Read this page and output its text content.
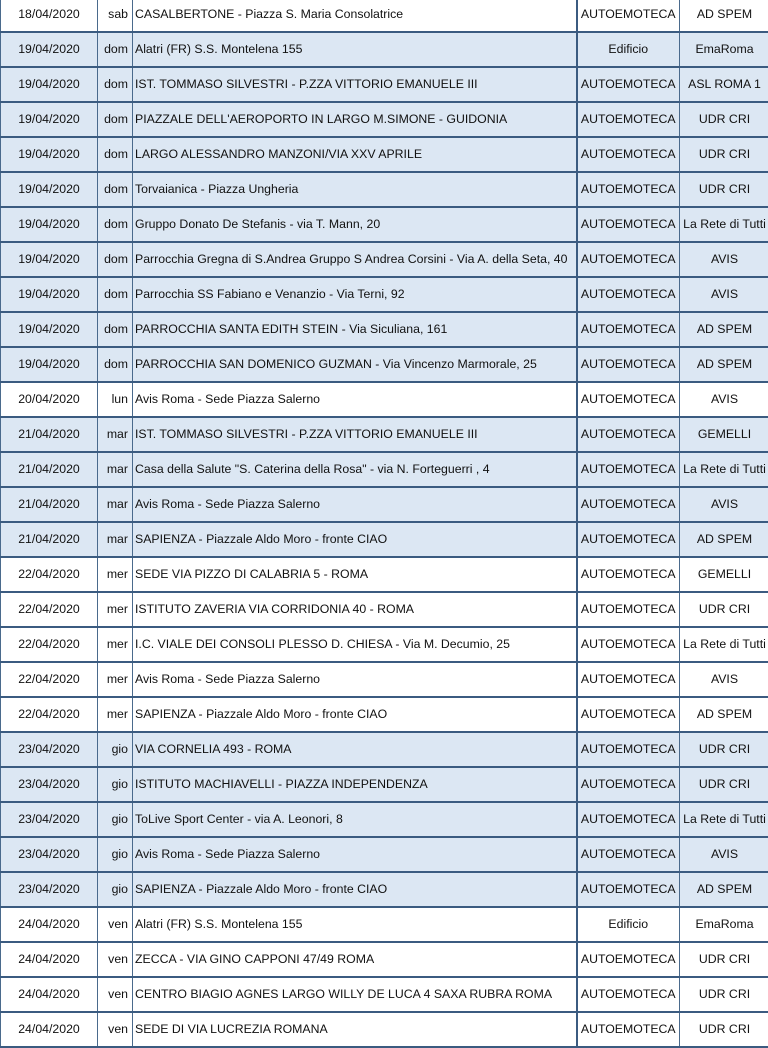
18/04/2020	sab	CASALBERTONE - Piazza S. Maria Consolatrice	AUTOEMOTECA	AD SPEM
19/04/2020	dom	Alatri (FR) S.S. Montelena 155	Edificio	EmaRoma
19/04/2020	dom	IST. TOMMASO SILVESTRI - P.ZZA VITTORIO EMANUELE III	AUTOEMOTECA	ASL ROMA 1
19/04/2020	dom	PIAZZALE DELL'AEROPORTO IN LARGO M.SIMONE - GUIDONIA	AUTOEMOTECA	UDR CRI
19/04/2020	dom	LARGO ALESSANDRO MANZONI/VIA XXV APRILE	AUTOEMOTECA	UDR CRI
19/04/2020	dom	Torvaianica - Piazza Ungheria	AUTOEMOTECA	UDR CRI
19/04/2020	dom	Gruppo Donato De Stefanis - via T. Mann, 20	AUTOEMOTECA	La Rete di Tutti
19/04/2020	dom	Parrocchia Gregna di S.Andrea Gruppo S Andrea Corsini - Via A. della Seta, 40	AUTOEMOTECA	AVIS
19/04/2020	dom	Parrocchia SS Fabiano e Venanzio - Via Terni, 92	AUTOEMOTECA	AVIS
19/04/2020	dom	PARROCCHIA SANTA EDITH STEIN - Via Siculiana, 161	AUTOEMOTECA	AD SPEM
19/04/2020	dom	PARROCCHIA SAN DOMENICO GUZMAN - Via Vincenzo Marmorale, 25	AUTOEMOTECA	AD SPEM
20/04/2020	lun	Avis Roma - Sede Piazza Salerno	AUTOEMOTECA	AVIS
21/04/2020	mar	IST. TOMMASO SILVESTRI - P.ZZA VITTORIO EMANUELE III	AUTOEMOTECA	GEMELLI
21/04/2020	mar	Casa della Salute "S. Caterina della Rosa" - via N. Forteguerri , 4	AUTOEMOTECA	La Rete di Tutti
21/04/2020	mar	Avis Roma - Sede Piazza Salerno	AUTOEMOTECA	AVIS
21/04/2020	mar	SAPIENZA - Piazzale Aldo Moro - fronte CIAO	AUTOEMOTECA	AD SPEM
22/04/2020	mer	SEDE VIA PIZZO DI CALABRIA 5 - ROMA	AUTOEMOTECA	GEMELLI
22/04/2020	mer	ISTITUTO ZAVERIA VIA CORRIDONIA 40 - ROMA	AUTOEMOTECA	UDR CRI
22/04/2020	mer	I.C. VIALE DEI CONSOLI PLESSO D. CHIESA - Via M. Decumio, 25	AUTOEMOTECA	La Rete di Tutti
22/04/2020	mer	Avis Roma - Sede Piazza Salerno	AUTOEMOTECA	AVIS
22/04/2020	mer	SAPIENZA - Piazzale Aldo Moro - fronte CIAO	AUTOEMOTECA	AD SPEM
23/04/2020	gio	VIA CORNELIA 493 - ROMA	AUTOEMOTECA	UDR CRI
23/04/2020	gio	ISTITUTO MACHIAVELLI - PIAZZA INDEPENDENZA	AUTOEMOTECA	UDR CRI
23/04/2020	gio	ToLive Sport Center - via A. Leonori, 8	AUTOEMOTECA	La Rete di Tutti
23/04/2020	gio	Avis Roma - Sede Piazza Salerno	AUTOEMOTECA	AVIS
23/04/2020	gio	SAPIENZA - Piazzale Aldo Moro - fronte CIAO	AUTOEMOTECA	AD SPEM
24/04/2020	ven	Alatri (FR) S.S. Montelena 155	Edificio	EmaRoma
24/04/2020	ven	ZECCA - VIA GINO CAPPONI 47/49 ROMA	AUTOEMOTECA	UDR CRI
24/04/2020	ven	CENTRO BIAGIO AGNES LARGO WILLY DE LUCA 4 SAXA RUBRA ROMA	AUTOEMOTECA	UDR CRI
24/04/2020	ven	SEDE DI VIA LUCREZIA ROMANA	AUTOEMOTECA	UDR CRI
